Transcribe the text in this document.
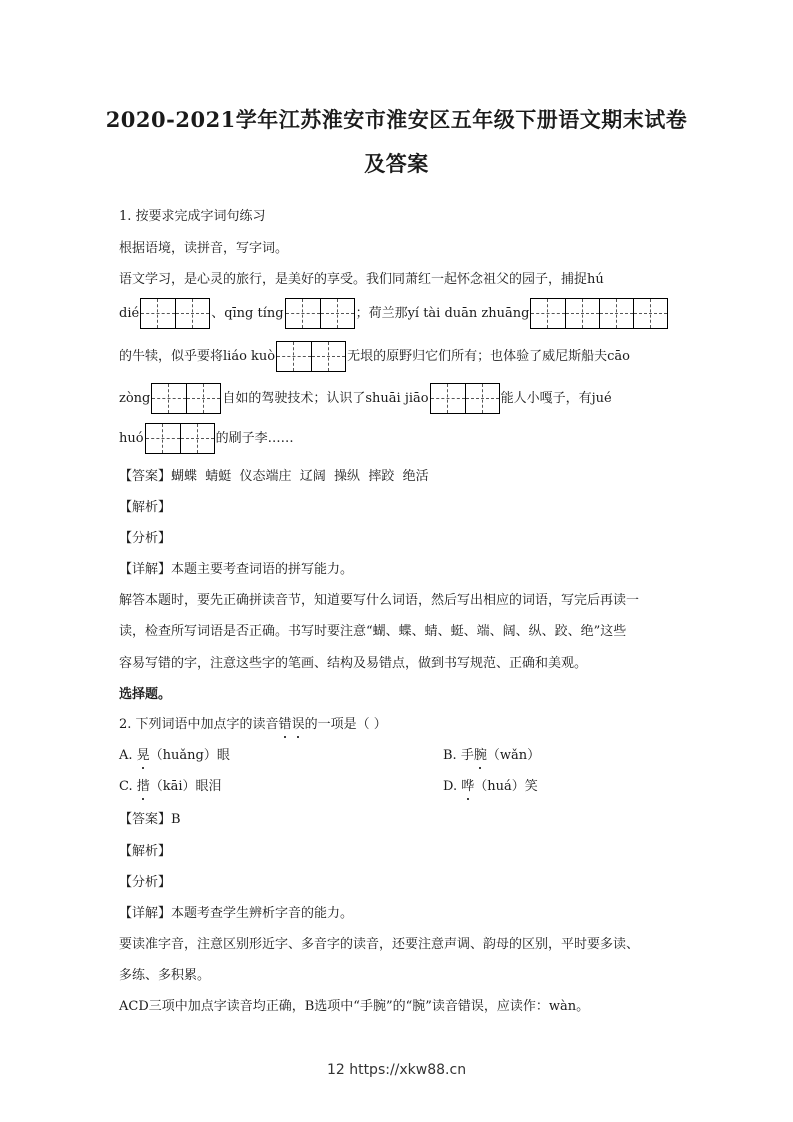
2020-2021学年江苏淮安市淮安区五年级下册语文期末试卷
及答案
1. 按要求完成字词句练习
根据语境，读拼音，写字词。
语文学习，是心灵的旅行，是美好的享受。我们同萧红一起怀念祖父的园子，捕捉hú
dié	、qīng tíng	；荷兰那yí tài duān zhuāng
的牛犊，似乎要将liáo kuò	无垠的原野归它们所有；也体验了威尼斯船夫cāo
zòng	自如的驾驶技术；认识了shuāi jiāo	能人小嘎子，有jué
huó	的刷子李……
【答案】蝴蝶  蜻蜓  仪态端庄  辽阔  操纵  摔跤  绝活
【解析】
【分析】
【详解】本题主要考查词语的拼写能力。
解答本题时，要先正确拼读音节，知道要写什么词语，然后写出相应的词语，写完后再读一
读，检查所写词语是否正确。书写时要注意“蝴、蝶、蜻、蜓、端、阔、纵、跤、绝”这些
容易写错的字，注意这些字的笔画、结构及易错点，做到书写规范、正确和美观。
选择题。
2. 下列词语中加点字的读音错误的一项是（ ）
A. 晃（huǎng）眼	B. 手腕（wǎn）
C. 揩（kāi）眼泪	D. 哗（huá）笑
【答案】B
【解析】
【分析】
【详解】本题考查学生辨析字音的能力。
要读准字音，注意区别形近字、多音字的读音，还要注意声调、韵母的区别，平时要多读、
多练、多积累。
ACD三项中加点字读音均正确，B选项中“手腕”的“腕”读音错误，应读作：wàn。
12 https://xkw88.cn
